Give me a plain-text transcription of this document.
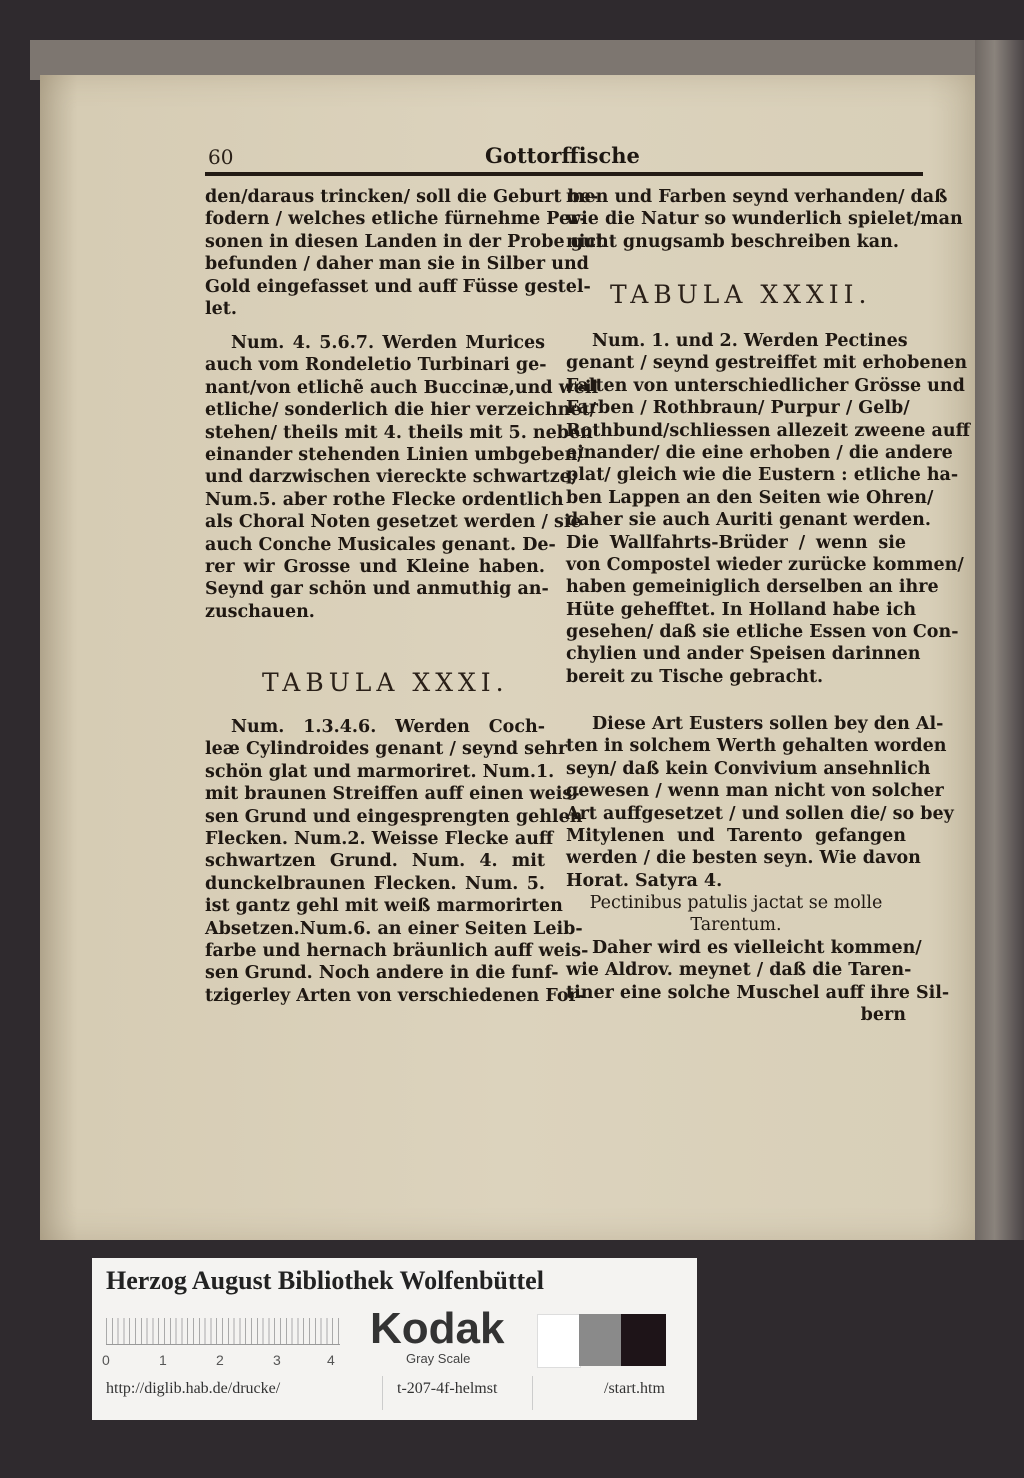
60	Gottorffische
den/daraus trincken/ soll die Geburt be-
fodern / welches etliche fürnehme Per-
sonen in diesen Landen in der Probe gut
befunden / daher man sie in Silber und
Gold eingefasset und auff Füsse gestel-
let.
Num. 4. 5.6.7. Werden Murices
auch vom Rondeletio Turbinari ge-
nant/von etlichẽ auch Buccinæ,und weil
etliche/ sonderlich die hier verzeichnet/
stehen/ theils mit 4. theils mit 5. neben
einander stehenden Linien umbgeben/
und darzwischen viereckte schwartze;
Num.5. aber rothe Flecke ordentlich
als Choral Noten gesetzet werden / sie
auch Conche Musicales genant. De-
rer wir Grosse und Kleine haben.
Seynd gar schön und anmuthig an-
zuschauen.
TABULA XXXI.
Num. 1.3.4.6. Werden Coch-
leæ Cylindroides genant / seynd sehr
schön glat und marmoriret. Num.1.
mit braunen Streiffen auff einen weis-
sen Grund und eingesprengten gehlen
Flecken. Num.2. Weisse Flecke auff
schwartzen Grund. Num. 4. mit
dunckelbraunen Flecken. Num. 5.
ist gantz gehl mit weiß marmorirten
Absetzen.Num.6. an einer Seiten Leib-
farbe und hernach bräunlich auff weis-
sen Grund. Noch andere in die funf-
tzigerley Arten von verschiedenen For-
men und Farben seynd verhanden/ daß
wie die Natur so wunderlich spielet/man
nicht gnugsamb beschreiben kan.
TABULA XXXII.
Num. 1. und 2. Werden Pectines
genant / seynd gestreiffet mit erhobenen
Falten von unterschiedlicher Grösse und
Farben / Rothbraun/ Purpur / Gelb/
Rothbund/schliessen allezeit zweene auff
einander/ die eine erhoben / die andere
plat/ gleich wie die Eustern : etliche ha-
ben Lappen an den Seiten wie Ohren/
daher sie auch Auriti genant werden.
Die Wallfahrts-Brüder / wenn sie
von Compostel wieder zurücke kommen/
haben gemeiniglich derselben an ihre
Hüte gehefftet. In Holland habe ich
gesehen/ daß sie etliche Essen von Con-
chylien und ander Speisen darinnen
bereit zu Tische gebracht.
Diese Art Eusters sollen bey den Al-
ten in solchem Werth gehalten worden
seyn/ daß kein Convivium ansehnlich
gewesen / wenn man nicht von solcher
Art auffgesetzet / und sollen die/ so bey
Mitylenen und Tarento gefangen
werden / die besten seyn. Wie davon
Horat. Satyra 4.
Pectinibus patulis jactat se molle
Tarentum.
Daher wird es vielleicht kommen/
wie Aldrov. meynet / daß die Taren-
tiner eine solche Muschel auff ihre Sil-
bern
Herzog August Bibliothek Wolfenbüttel
0	1	2	3	4
Kodak
Gray Scale
http://diglib.hab.de/drucke/	t-207-4f-helmst	/start.htm
